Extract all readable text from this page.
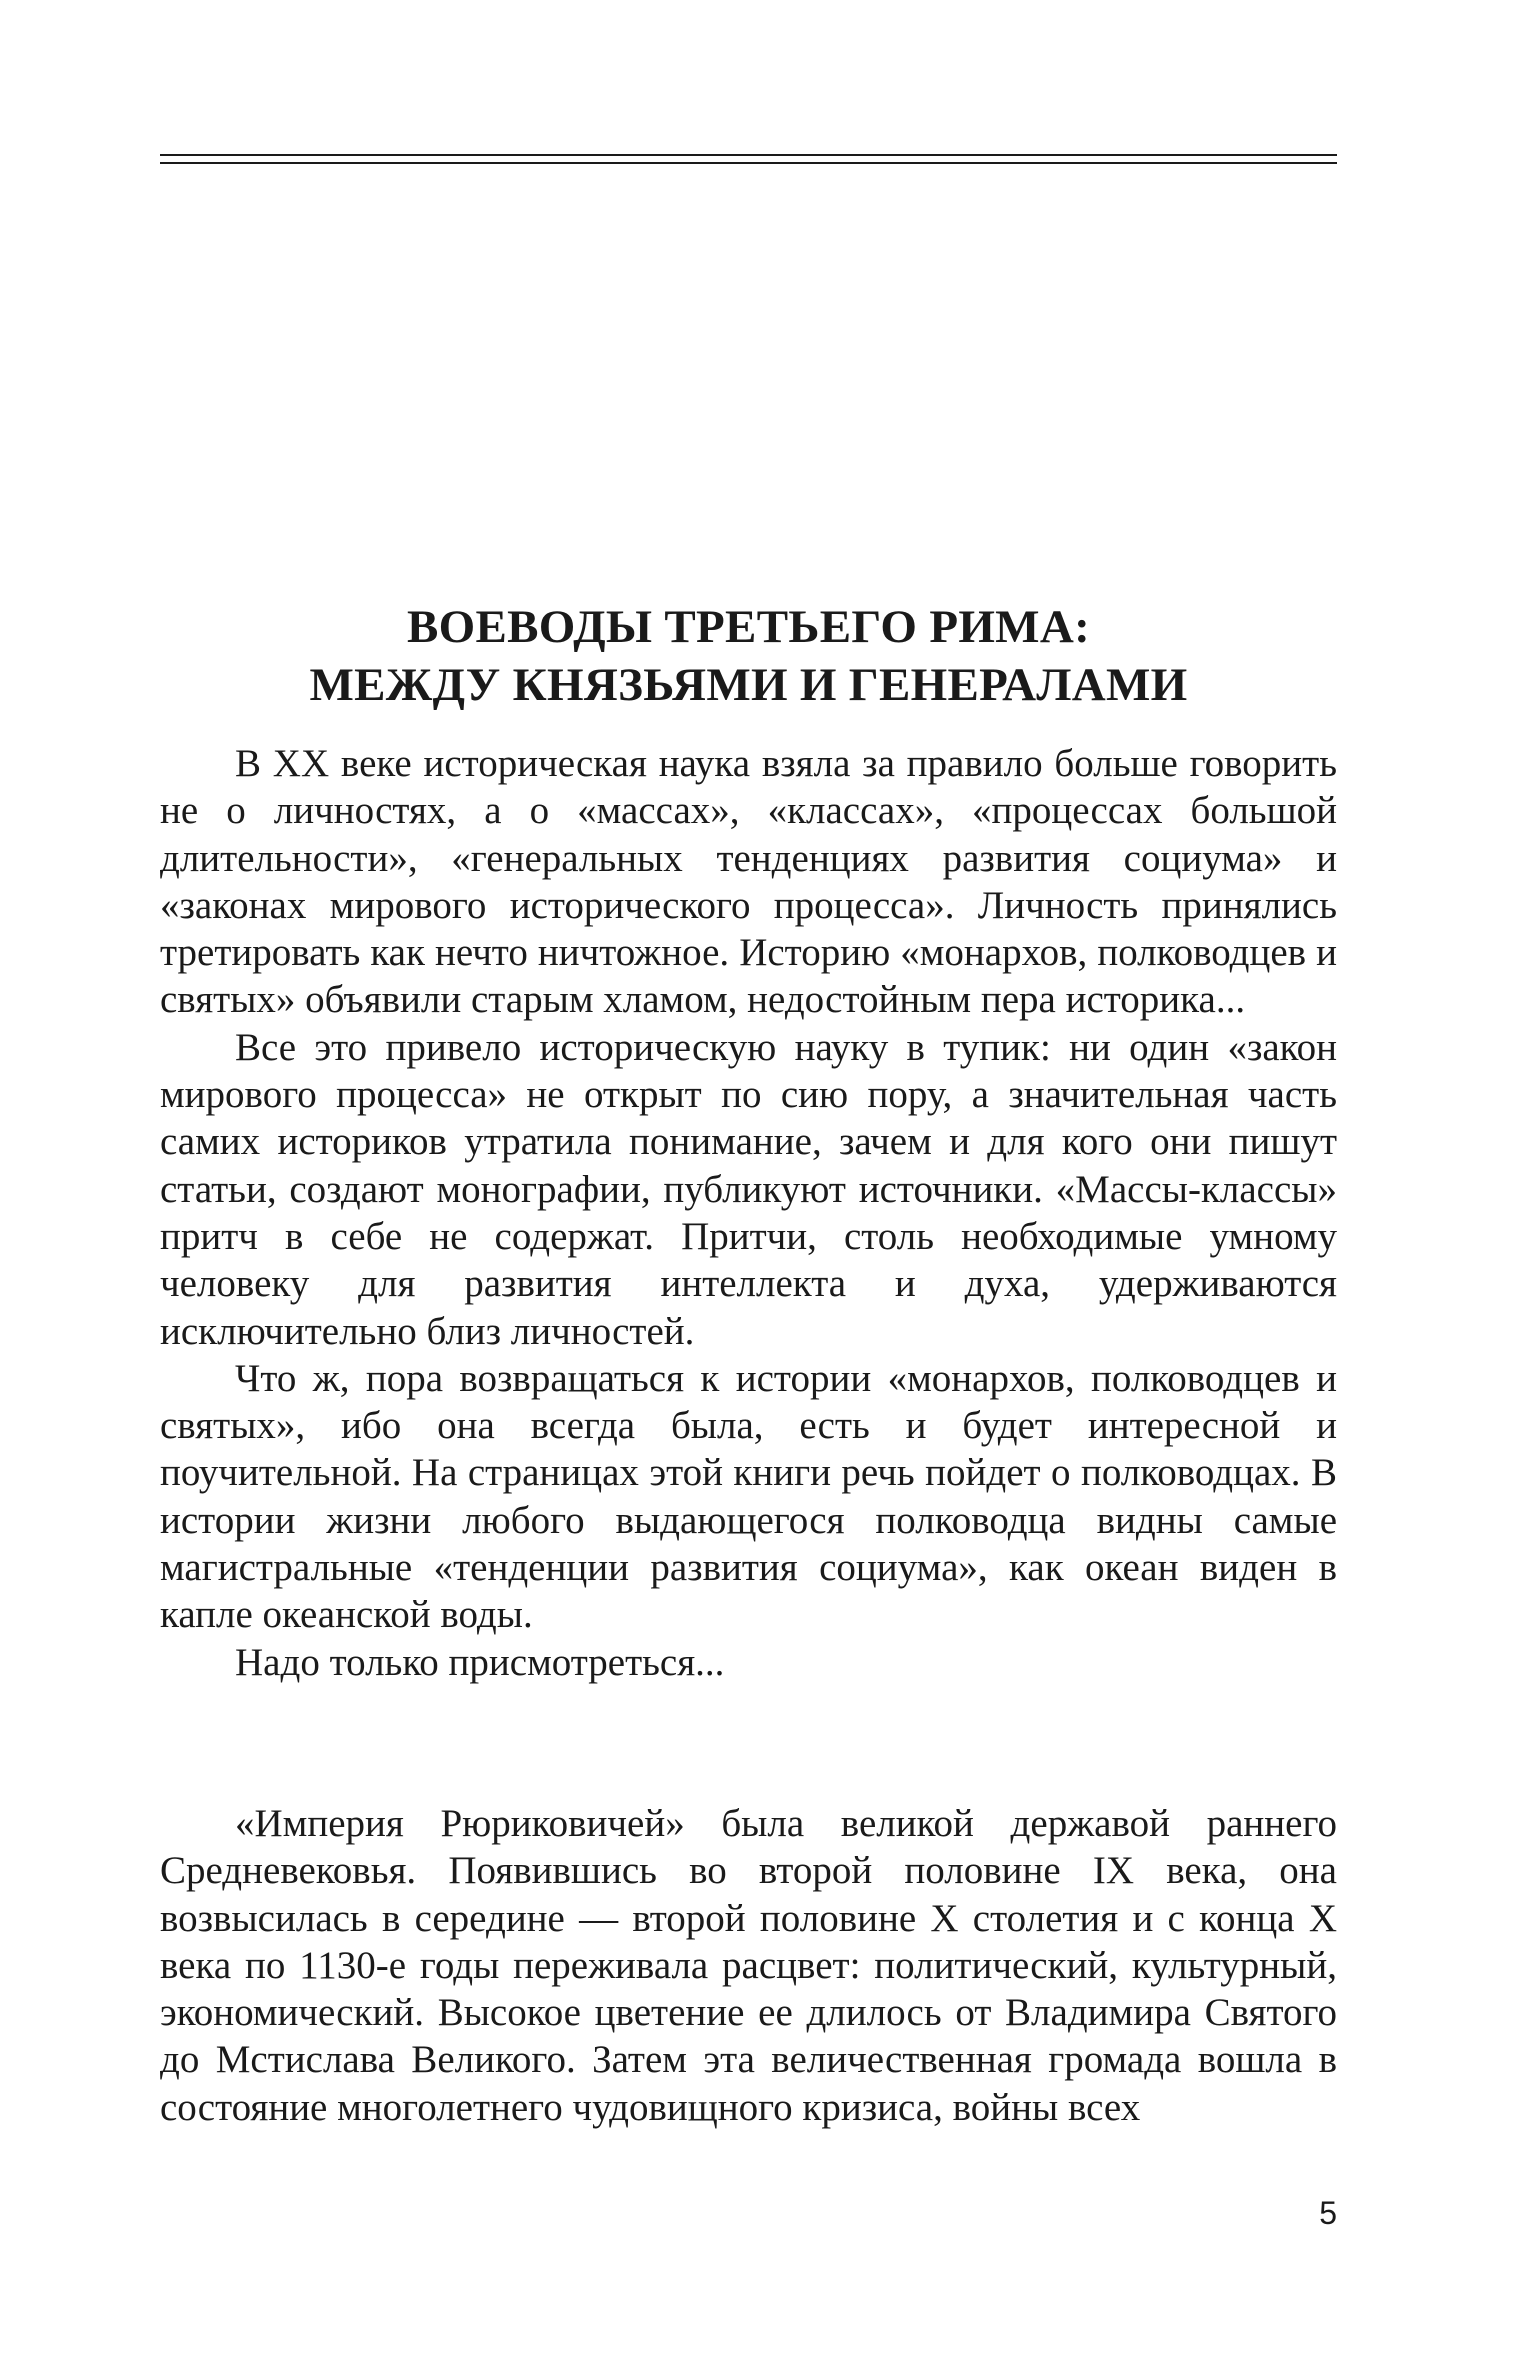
ВОЕВОДЫ ТРЕТЬЕГО РИМА:
МЕЖДУ КНЯЗЬЯМИ И ГЕНЕРАЛАМИ

В XX веке историческая наука взяла за правило больше говорить не о личностях, а о «массах», «классах», «процессах большой длительности», «генеральных тенденциях развития социума» и «законах мирового исторического процесса». Личность принялись третировать как нечто ничтожное. Историю «монархов, полководцев и святых» объявили старым хламом, недостойным пера историка...

Все это привело историческую науку в тупик: ни один «закон мирового процесса» не открыт по сию пору, а значительная часть самих историков утратила понимание, зачем и для кого они пишут статьи, создают монографии, публикуют источники. «Массы-классы» притч в себе не содержат. Притчи, столь необходимые умному человеку для развития интеллекта и духа, удерживаются исключительно близ личностей.

Что ж, пора возвращаться к истории «монархов, полководцев и святых», ибо она всегда была, есть и будет интересной и поучительной. На страницах этой книги речь пойдет о полководцах. В истории жизни любого выдающегося полководца видны самые магистральные «тенденции развития социума», как океан виден в капле океанской воды.

Надо только присмотреться...

«Империя Рюриковичей» была великой державой раннего Средневековья. Появившись во второй половине IX века, она возвысилась в середине — второй половине X столетия и с конца X века по 1130-е годы переживала расцвет: политический, культурный, экономический. Высокое цветение ее длилось от Владимира Святого до Мстислава Великого. Затем эта величественная громада вошла в состояние многолетнего чудовищного кризиса, войны всех

5
